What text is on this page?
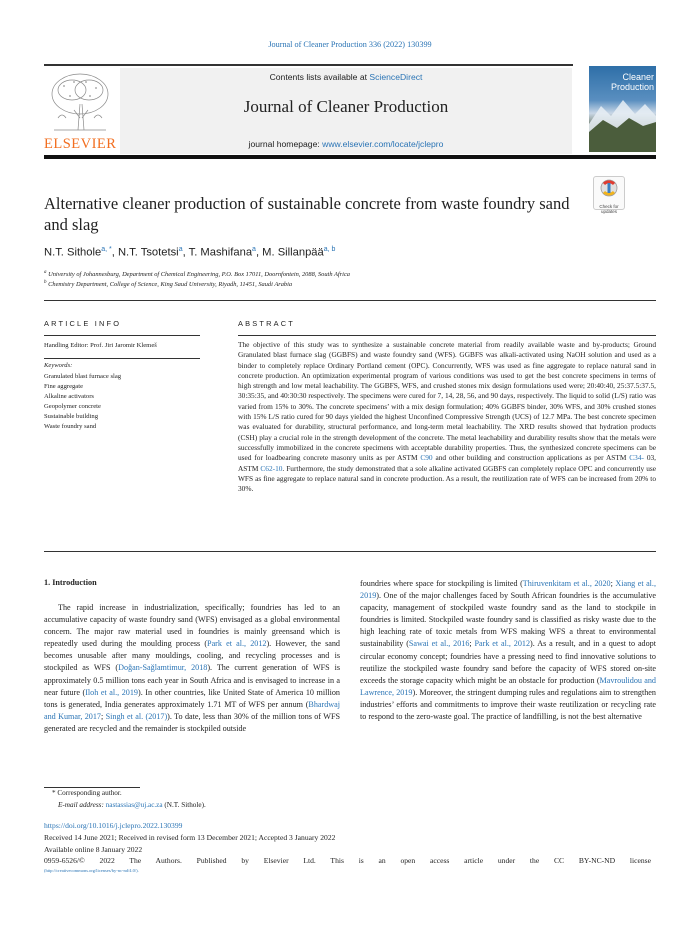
Journal of Cleaner Production 336 (2022) 130399
ELSEVIER
Contents lists available at ScienceDirect
Journal of Cleaner Production
journal homepage: www.elsevier.com/locate/jclepro
Cleaner Production
Alternative cleaner production of sustainable concrete from waste foundry sand and slag
Check for updates
N.T. Sithole$^{a, *}$, N.T. Tsotetsi$^a$, T. Mashifana$^a$, M. Sillanpää$^{a, b}$
$^a$ University of Johannesburg, Department of Chemical Engineering, P.O. Box 17011, Doornfontein, 2088, South Africa
$^b$ Chemistry Department, College of Science, King Saud University, Riyadh, 11451, Saudi Arabia
ARTICLE INFO
Handling Editor: Prof. Jiri Jaromir Klemeš
Keywords:
Granulated blast furnace slag
Fine aggregate
Alkaline activators
Geopolymer concrete
Sustainable building
Waste foundry sand
ABSTRACT
The objective of this study was to synthesize a sustainable concrete material from readily available waste and by-products; Ground Granulated blast furnace slag (GGBFS) and waste foundry sand (WFS). GGBFS was alkali-activated using NaOH solution and used as a binder to completely replace Ordinary Portland cement (OPC). Concurrently, WFS was used as fine aggregate to replace natural sand in concrete production. An optimization experimental program of various conditions was used to get the best concrete specimens in terms of high strength and low metal leachability. The GGBFS, WFS, and crushed stones mix design formulations used were; 20:40:40, 25:37.5:37.5, 30:35:35, and 40:30:30 respectively. The specimens were cured for 7, 14, 28, 56, and 90 days, respectively. The liquid to solid (L/S) ratio was varied from 15% to 30%. The concrete specimens’ with a mix design formulation; 40% GGBFS binder, 30% WFS, and 30% crushed stones with 15% L/S ratio cured for 90 days yielded the highest Unconfined Compressive Strength (UCS) of 12.7 MPa. The best concrete specimen was evaluated for durability, structural performance, and long-term metal leachability. The XRD results showed that hydration products (CSH) play a crucial role in the strength development of the concrete. The metal leachability and durability results show that the metals were successfully immobilized in the concrete specimens with acceptable durability properties. Thus, the synthesized concrete specimens can be used for loadbearing concrete masonry units as per ASTM C90 and other building and construction applications as per ASTM C34- 03, ASTM C62-10. Furthermore, the study demonstrated that a sole alkaline activated GGBFS can completely replace OPC and concurrently use WFS as fine aggregate to replace natural sand in concrete production. As a result, the reutilization rate of WFS can be increased from 20% to 30%.
1. Introduction
The rapid increase in industrialization, specifically; foundries has led to an accumulative capacity of waste foundry sand (WFS) envisaged as a global environmental concern. The major raw material used in foundries is mainly greensand which is repeatedly used during the moulding process (Park et al., 2012). However, the sand becomes unusable after many mouldings, cooling, and recycling processes and is stockpiled as WFS (Doğan-Sağlamtimur, 2018). The current generation of WFS is approximately 0.5 million tons each year in South Africa and is envisaged to increase in a near future (Iloh et al., 2019). In other countries, like United State of America 10 million tons is generated, India generates approximately 1.71 MT of WFS per annum (Bhardwaj and Kumar, 2017; Singh et al. (2017)). To date, less than 30% of the million tons of WFS generated are recycled and the remainder is stockpiled outside
foundries where space for stockpiling is limited (Thiruvenkitam et al., 2020; Xiang et al., 2019). One of the major challenges faced by South African foundries is the accumulative capacity, management of stockpiled waste foundry sand as the land to stockpile in foundries is limited. Stockpiled waste foundry sand is classified as risky waste due to the high leaching rate of toxic metals from WFS making WFS a threat to environmental sustainability (Sawai et al., 2016; Park et al., 2012). As a result, and in a quest to adopt circular economy concept; foundries have a pressing need to find innovative solutions to reutilize the stockpiled waste foundry sand before the capacity of WFS stored on-site exceeds the storage capacity which might be an obstacle for production (Mavroulidou and Lawrence, 2019). Moreover, the stringent dumping rules and regulations aim to strengthen industries’ efforts and commitments to improve their waste reutilization or recycling rate to respond to the zero-waste goal. The practice of landfilling, is not the best alternative
* Corresponding author.
E-mail address: nastassias@uj.ac.za (N.T. Sithole).
https://doi.org/10.1016/j.jclepro.2022.130399
Received 14 June 2021; Received in revised form 13 December 2021; Accepted 3 January 2022
Available online 8 January 2022
0959-6526/© 2022 The Authors. Published by Elsevier Ltd. This is an open access article under the CC BY-NC-ND license
(http://creativecommons.org/licenses/by-nc-nd/4.0/).
